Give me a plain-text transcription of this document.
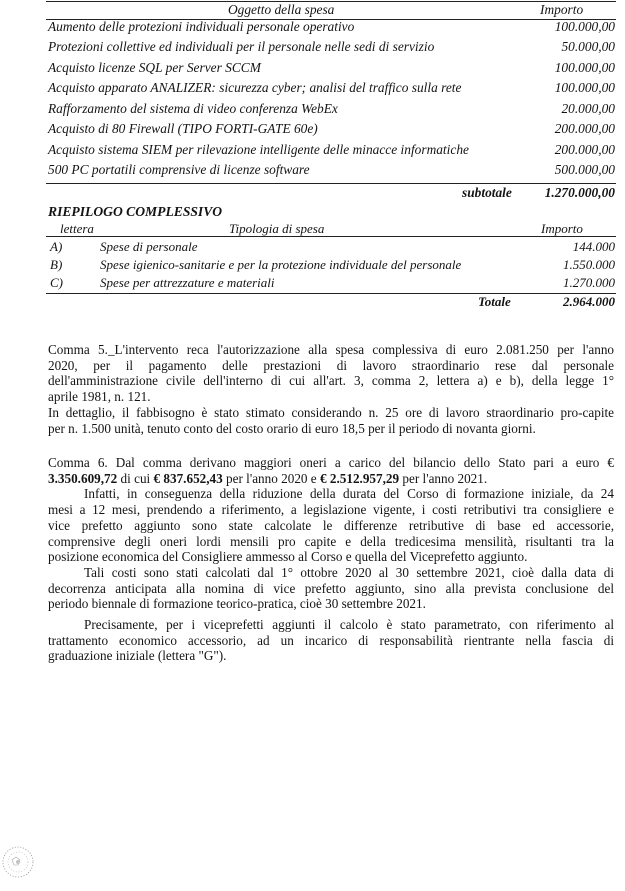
Oggetto della spesa	Importo
Aumento delle protezioni individuali personale operativo	100.000,00
Protezioni collettive ed individuali per il personale nelle sedi di servizio	50.000,00
Acquisto licenze SQL per Server SCCM	100.000,00
Acquisto apparato ANALIZER: sicurezza cyber; analisi del traffico sulla rete	100.000,00
Rafforzamento del sistema di video conferenza WebEx	20.000,00
Acquisto di 80 Firewall (TIPO FORTI-GATE 60e)	200.000,00
Acquisto sistema SIEM per rilevazione intelligente delle minacce informatiche	200.000,00
500 PC portatili comprensive di licenze software	500.000,00
subtotale	1.270.000,00
RIEPILOGO COMPLESSIVO
lettera	Tipologia di spesa	Importo
A)	Spese di personale	144.000
B)	Spese igienico-sanitarie e per la protezione individuale del personale	1.550.000
C)	Spese per attrezzature e materiali	1.270.000
Totale	2.964.000
Comma 5._L'intervento reca l'autorizzazione alla spesa complessiva di euro 2.081.250 per l'anno
2020, per il pagamento delle prestazioni di lavoro straordinario rese dal personale
dell'amministrazione civile dell'interno di cui all'art. 3, comma 2, lettera a) e b), della legge 1°
aprile 1981, n. 121.
In dettaglio, il fabbisogno è stato stimato considerando n. 25 ore di lavoro straordinario pro-capite
per n. 1.500 unità, tenuto conto del costo orario di euro 18,5 per il periodo di novanta giorni.
Comma 6. Dal comma derivano maggiori oneri a carico del bilancio dello Stato pari a euro €
3.350.609,72 di cui € 837.652,43 per l'anno 2020 e € 2.512.957,29 per l'anno 2021.
Infatti, in conseguenza della riduzione della durata del Corso di formazione iniziale, da 24
mesi a 12 mesi, prendendo a riferimento, a legislazione vigente, i costi retributivi tra consigliere e
vice prefetto aggiunto sono state calcolate le differenze retributive di base ed accessorie,
comprensive degli oneri lordi mensili pro capite e della tredicesima mensilità, risultanti tra la
posizione economica del Consigliere ammesso al Corso e quella del Viceprefetto aggiunto.
Tali costi sono stati calcolati dal 1° ottobre 2020 al 30 settembre 2021, cioè dalla data di
decorrenza anticipata alla nomina di vice prefetto aggiunto, sino alla prevista conclusione del
periodo biennale di formazione teorico-pratica, cioè 30 settembre 2021.
Precisamente, per i viceprefetti aggiunti il calcolo è stato parametrato, con riferimento al
trattamento economico accessorio, ad un incarico di responsabilità rientrante nella fascia di
graduazione iniziale (lettera "G").
